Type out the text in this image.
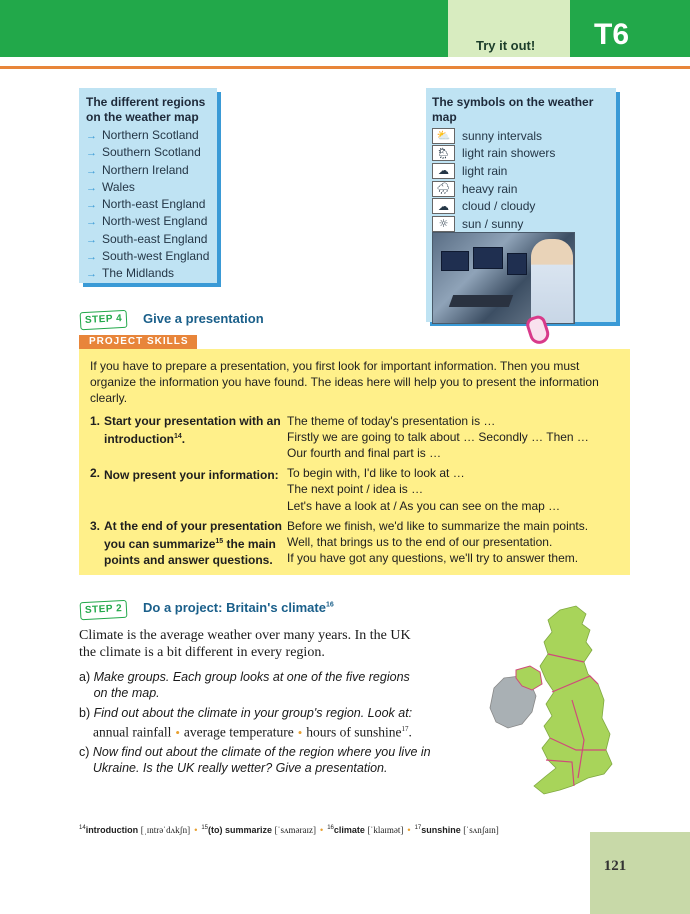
Try it out!	T6
The different regions on the weather map
→ Northern Scotland
→ Southern Scotland
→ Northern Ireland
→ Wales
→ North-east England
→ North-west England
→ South-east England
→ South-west England
→ The Midlands
The symbols on the weather map
⛅ sunny intervals
🌦 light rain showers
☁	light rain
🌧 heavy rain
☁	cloud / cloudy
☼	sun / sunny
STEP 4	Give a presentation
PROJECT SKILLS
If you have to prepare a presentation, you first look for important information. Then you must organize the information you have found. The ideas here will help you to present the information clearly.
1. Start your presentation with an introduction$^{14}$.
The theme of today's presentation is …
Firstly we are going to talk about … Secondly … Then …
Our fourth and final part is …
2. Now present your information: To begin with, I'd like to look at …
The next point / idea is …
Let's have a look at / As you can see on the map …
3. At the end of your presentation you can summarize$^{15}$ the main points and answer questions.
Before we finish, we'd like to summarize the main points.
Well, that brings us to the end of our presentation.
If you have got any questions, we'll try to answer them.
STEP 2	Do a project: Britain's climate$^{16}$
Climate is the average weather over many years. In the UK the climate is a bit different in every region.
a) Make groups. Each group looks at one of the five regions on the map.
b) Find out about the climate in your group's region. Look at:
annual rainfall • average temperature • hours of sunshine$^{17}$.
c) Now find out about the climate of the region where you live in Ukraine. Is the UK really wetter? Give a presentation.
$^{14}$introduction [ˌɪntrəˈdʌkʃn] • $^{15}$(to) summarize [ˈsʌməraɪz] • $^{16}$climate [ˈklaɪmət] • $^{17}$sunshine [ˈsʌnʃaɪn]
121
